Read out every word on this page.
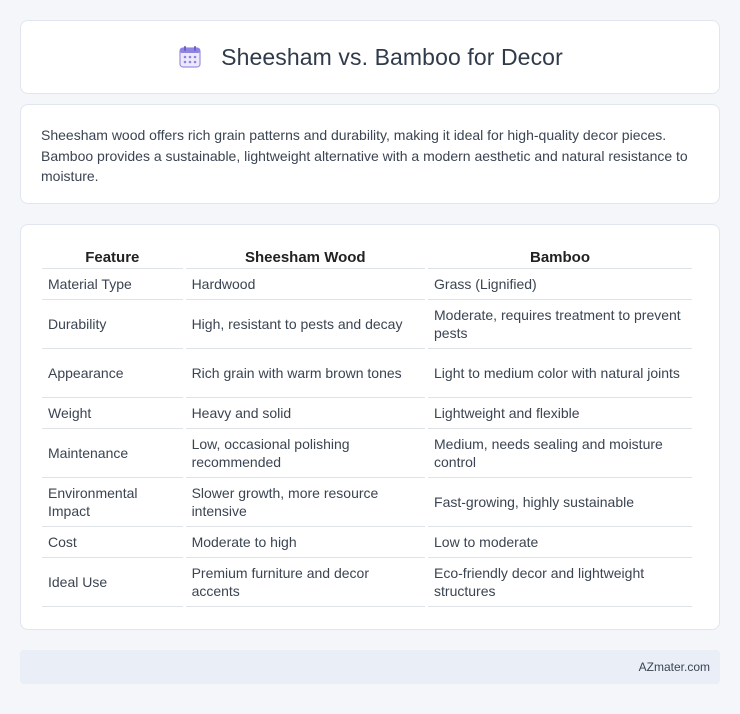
Sheesham vs. Bamboo for Decor

Sheesham wood offers rich grain patterns and durability, making it ideal for high-quality decor pieces. Bamboo provides a sustainable, lightweight alternative with a modern aesthetic and natural resistance to moisture.

Feature	Sheesham Wood	Bamboo
Material Type	Hardwood	Grass (Lignified)
Durability	High, resistant to pests and decay	Moderate, requires treatment to prevent pests
Appearance	Rich grain with warm brown tones	Light to medium color with natural joints
Weight	Heavy and solid	Lightweight and flexible
Maintenance	Low, occasional polishing recommended	Medium, needs sealing and moisture control
Environmental Impact	Slower growth, more resource intensive	Fast-growing, highly sustainable
Cost	Moderate to high	Low to moderate
Ideal Use	Premium furniture and decor accents	Eco-friendly decor and lightweight structures
AZmater.com
